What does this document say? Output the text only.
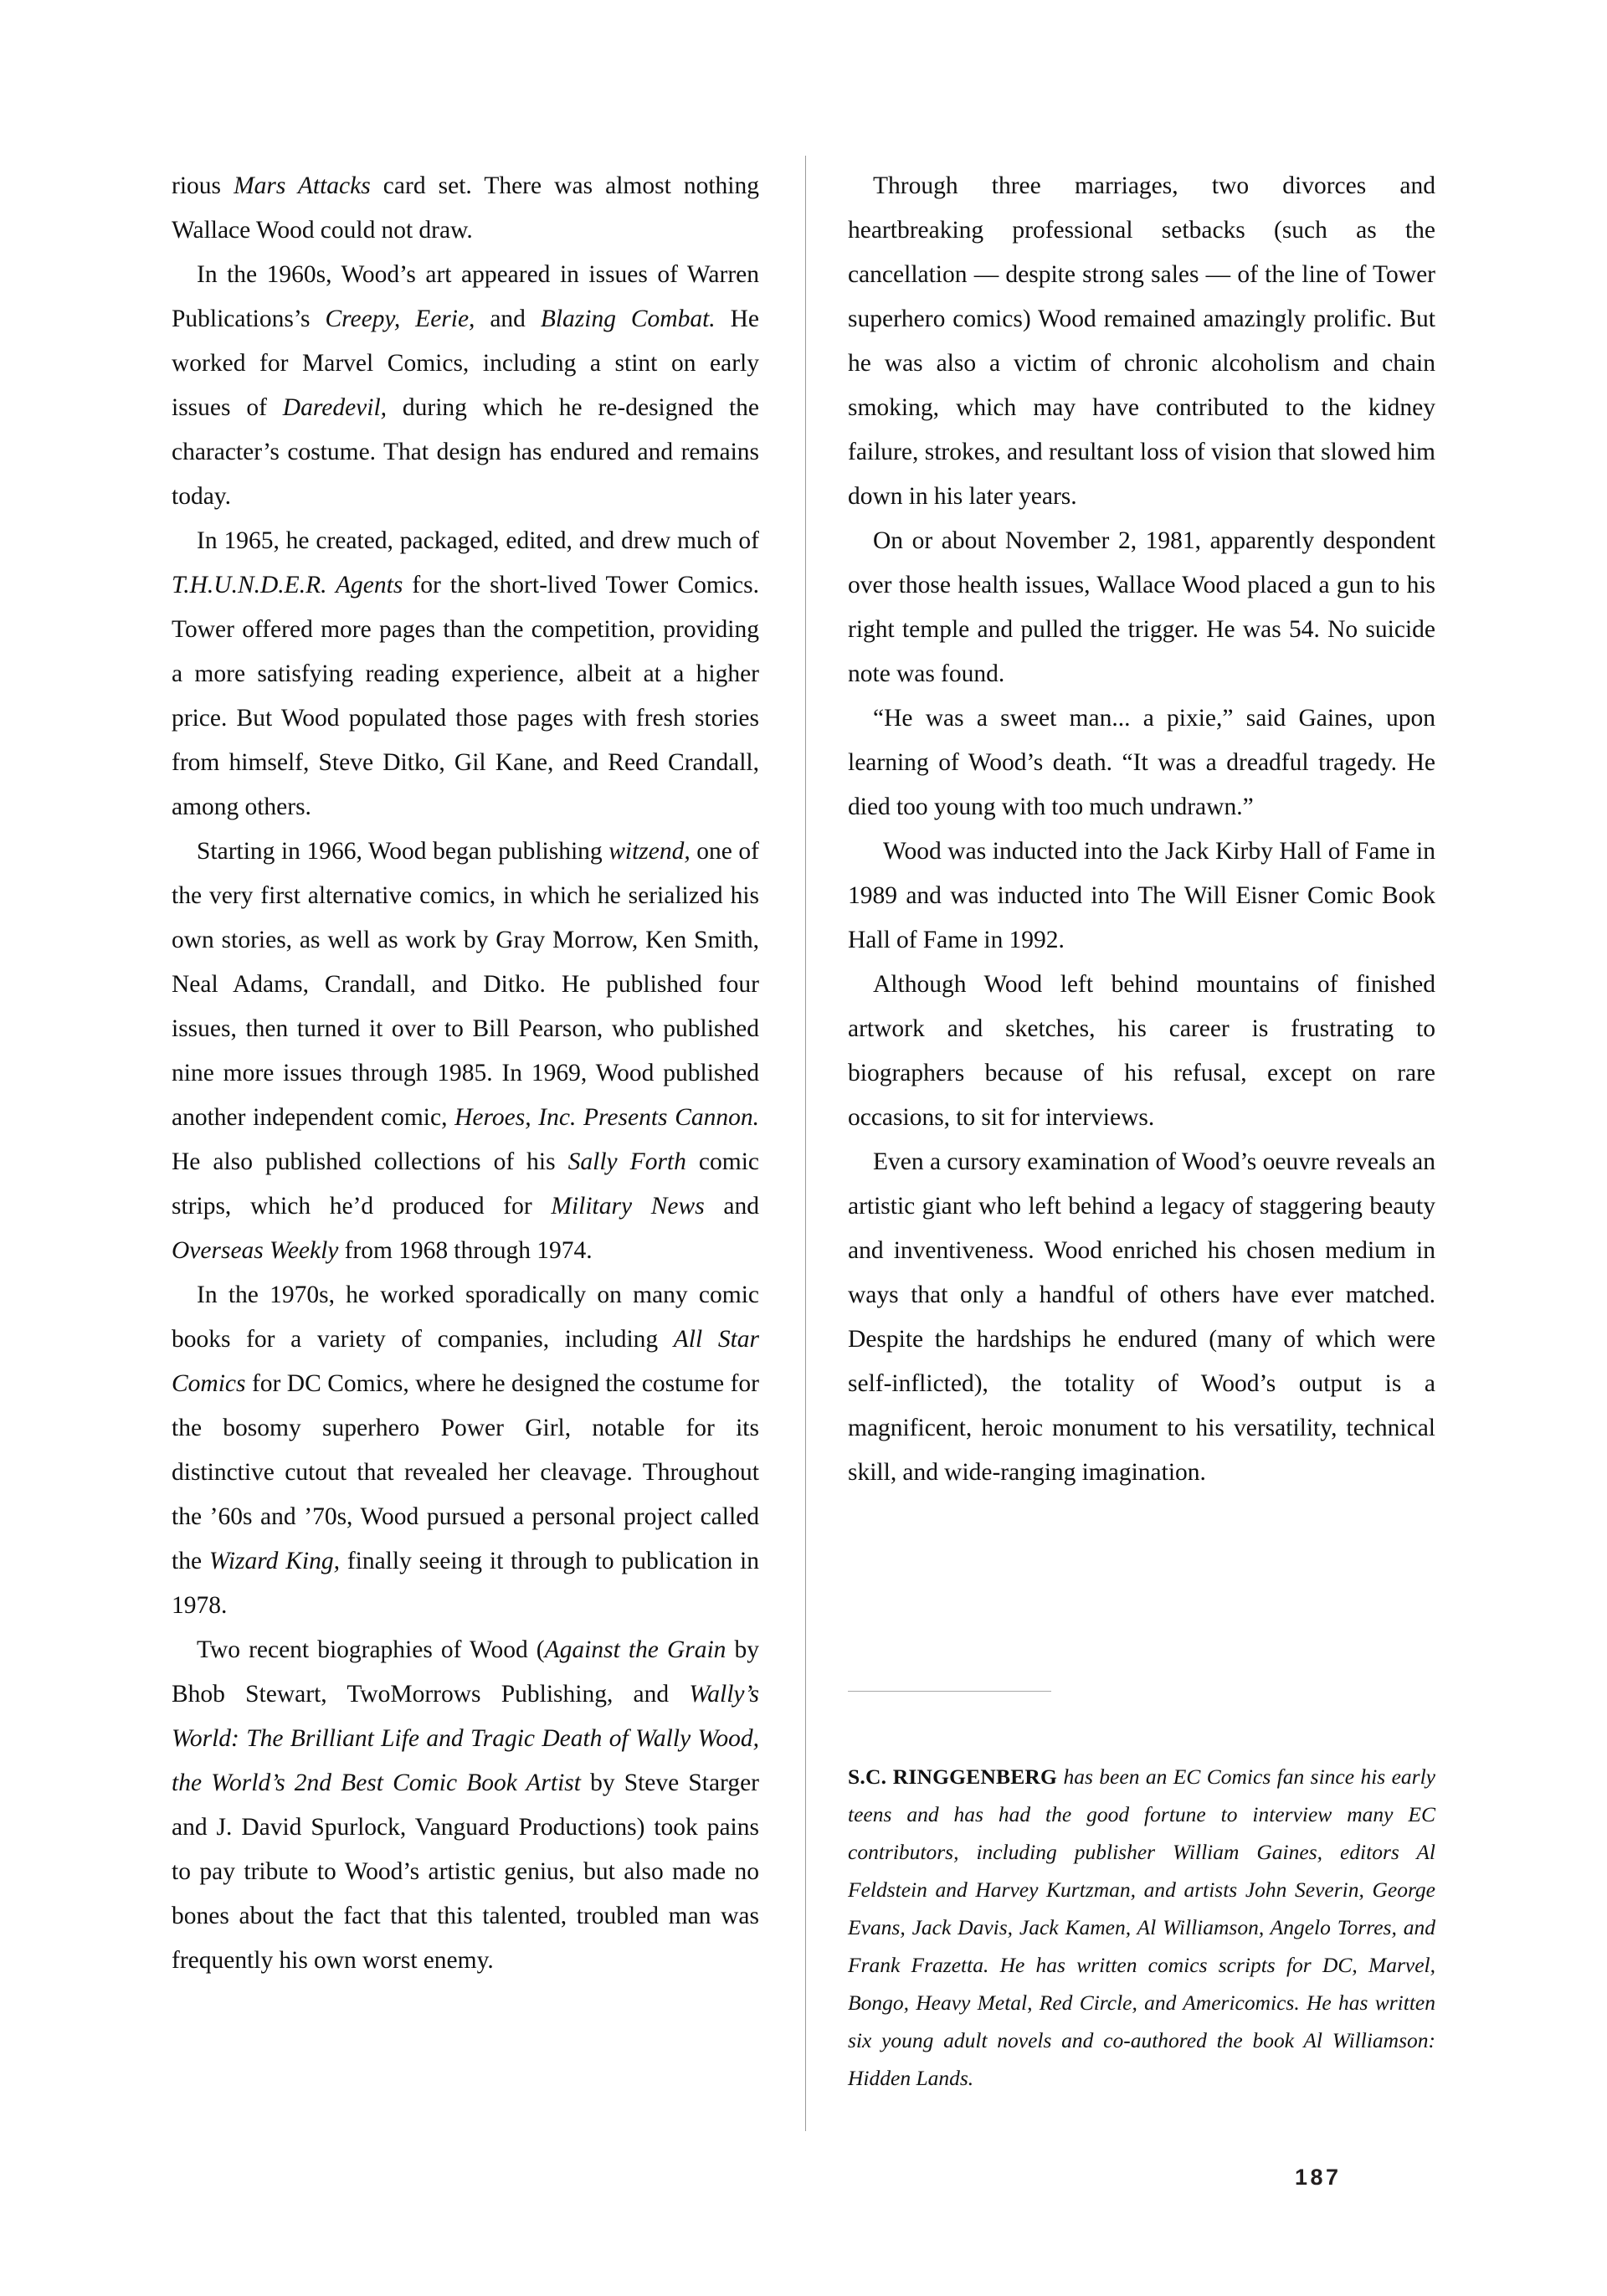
rious Mars Attacks card set. There was almost nothing Wallace Wood could not draw.

In the 1960s, Wood’s art appeared in issues of Warren Publications’s Creepy, Eerie, and Blazing Combat. He worked for Marvel Comics, including a stint on early issues of Daredevil, during which he re-designed the character’s costume. That design has endured and remains today.

In 1965, he created, packaged, edited, and drew much of T.H.U.N.D.E.R. Agents for the short-lived Tower Comics. Tower offered more pages than the competition, providing a more satisfying reading experience, albeit at a higher price. But Wood populated those pages with fresh stories from himself, Steve Ditko, Gil Kane, and Reed Crandall, among others.

Starting in 1966, Wood began publishing witzend, one of the very first alternative comics, in which he serialized his own stories, as well as work by Gray Morrow, Ken Smith, Neal Adams, Crandall, and Ditko. He published four issues, then turned it over to Bill Pearson, who published nine more issues through 1985. In 1969, Wood published another independent comic, Heroes, Inc. Presents Cannon. He also published collections of his Sally Forth comic strips, which he’d produced for Military News and Overseas Weekly from 1968 through 1974.

In the 1970s, he worked sporadically on many comic books for a variety of companies, including All Star Comics for DC Comics, where he designed the costume for the bosomy superhero Power Girl, notable for its distinctive cutout that revealed her cleavage. Throughout the ’60s and ’70s, Wood pursued a personal project called the Wizard King, finally seeing it through to publication in 1978.

Two recent biographies of Wood (Against the Grain by Bhob Stewart, TwoMorrows Publishing, and Wally’s World: The Brilliant Life and Tragic Death of Wally Wood, the World’s 2nd Best Comic Book Artist by Steve Starger and J. David Spurlock, Vanguard Productions) took pains to pay tribute to Wood’s artistic genius, but also made no bones about the fact that this talented, troubled man was frequently his own worst enemy.

Through three marriages, two divorces and heartbreaking professional setbacks (such as the cancellation — despite strong sales — of the line of Tower superhero comics) Wood remained amazingly prolific. But he was also a victim of chronic alcoholism and chain smoking, which may have contributed to the kidney failure, strokes, and resultant loss of vision that slowed him down in his later years.

On or about November 2, 1981, apparently despondent over those health issues, Wallace Wood placed a gun to his right temple and pulled the trigger. He was 54. No suicide note was found.

“He was a sweet man... a pixie,” said Gaines, upon learning of Wood’s death. “It was a dreadful tragedy. He died too young with too much undrawn.”

Wood was inducted into the Jack Kirby Hall of Fame in 1989 and was inducted into The Will Eisner Comic Book Hall of Fame in 1992.

Although Wood left behind mountains of finished artwork and sketches, his career is frustrating to biographers because of his refusal, except on rare occasions, to sit for interviews.

Even a cursory examination of Wood’s oeuvre reveals an artistic giant who left behind a legacy of staggering beauty and inventiveness. Wood enriched his chosen medium in ways that only a handful of others have ever matched. Despite the hardships he endured (many of which were self-inflicted), the totality of Wood’s output is a magnificent, heroic monument to his versatility, technical skill, and wide-ranging imagination.

S.C. RINGGENBERG has been an EC Comics fan since his early teens and has had the good fortune to interview many EC contributors, including publisher William Gaines, editors Al Feldstein and Harvey Kurtzman, and artists John Severin, George Evans, Jack Davis, Jack Kamen, Al Williamson, Angelo Torres, and Frank Frazetta. He has written comics scripts for DC, Marvel, Bongo, Heavy Metal, Red Circle, and Americomics. He has written six young adult novels and co-authored the book Al Williamson: Hidden Lands.

187
